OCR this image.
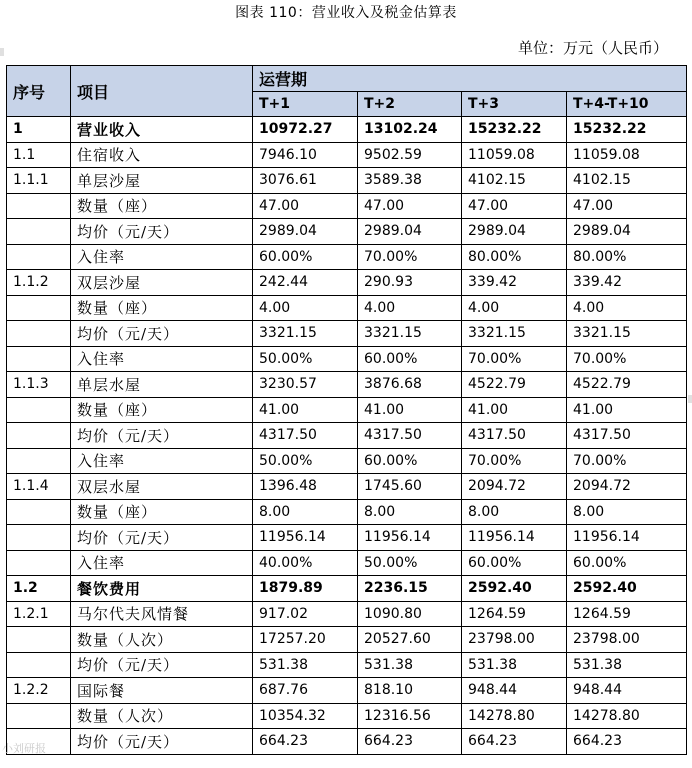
图表 110：营业收入及税金估算表
单位：万元（人民币）
序号	项目	运营期			
		T+1	T+2	T+3	T+4-T+10
1	营业收入	10972.27	13102.24	15232.22	15232.22
1.1	住宿收入	7946.10	9502.59	11059.08	11059.08
1.1.1	单层沙屋	3076.61	3589.38	4102.15	4102.15
	数量（座）	47.00	47.00	47.00	47.00
	均价（元/天）	2989.04	2989.04	2989.04	2989.04
	入住率	60.00%	70.00%	80.00%	80.00%
1.1.2	双层沙屋	242.44	290.93	339.42	339.42
	数量（座）	4.00	4.00	4.00	4.00
	均价（元/天）	3321.15	3321.15	3321.15	3321.15
	入住率	50.00%	60.00%	70.00%	70.00%
1.1.3	单层水屋	3230.57	3876.68	4522.79	4522.79
	数量（座）	41.00	41.00	41.00	41.00
	均价（元/天）	4317.50	4317.50	4317.50	4317.50
	入住率	50.00%	60.00%	70.00%	70.00%
1.1.4	双层水屋	1396.48	1745.60	2094.72	2094.72
	数量（座）	8.00	8.00	8.00	8.00
	均价（元/天）	11956.14	11956.14	11956.14	11956.14
	入住率	40.00%	50.00%	60.00%	60.00%
1.2	餐饮费用	1879.89	2236.15	2592.40	2592.40
1.2.1	马尔代夫风情餐	917.02	1090.80	1264.59	1264.59
	数量（人次）	17257.20	20527.60	23798.00	23798.00
	均价（元/天）	531.38	531.38	531.38	531.38
1.2.2	国际餐	687.76	818.10	948.44	948.44
	数量（人次）	10354.32	12316.56	14278.80	14278.80
	均价（元/天）	664.23	664.23	664.23	664.23
小刘研报
